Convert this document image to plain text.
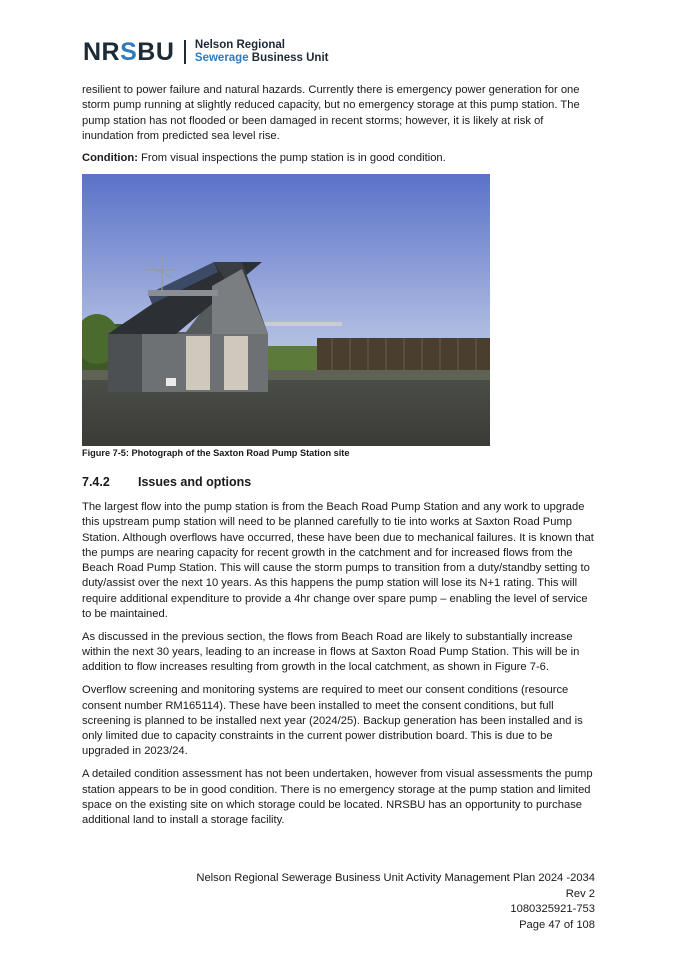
NRSBU Nelson Regional
Sewerage Business Unit

resilient to power failure and natural hazards. Currently there is emergency power generation for one storm pump running at slightly reduced capacity, but no emergency storage at this pump station. The pump station has not flooded or been damaged in recent storms; however, it is likely at risk of inundation from predicted sea level rise.

Condition: From visual inspections the pump station is in good condition.

Figure 7-5: Photograph of the Saxton Road Pump Station site
7.4.2	Issues and options

The largest flow into the pump station is from the Beach Road Pump Station and any work to upgrade this upstream pump station will need to be planned carefully to tie into works at Saxton Road Pump Station. Although overflows have occurred, these have been due to mechanical failures. It is known that the pumps are nearing capacity for recent growth in the catchment and for increased flows from the Beach Road Pump Station. This will cause the storm pumps to transition from a duty/standby setting to duty/assist over the next 10 years. As this happens the pump station will lose its N+1 rating. This will require additional expenditure to provide a 4hr change over spare pump – enabling the level of service to be maintained.

As discussed in the previous section, the flows from Beach Road are likely to substantially increase within the next 30 years, leading to an increase in flows at Saxton Road Pump Station. This will be in addition to flow increases resulting from growth in the local catchment, as shown in Figure 7-6.

Overflow screening and monitoring systems are required to meet our consent conditions (resource consent number RM165114). These have been installed to meet the consent conditions, but full screening is planned to be installed next year (2024/25). Backup generation has been installed and is only limited due to capacity constraints in the current power distribution board. This is due to be upgraded in 2023/24.

A detailed condition assessment has not been undertaken, however from visual assessments the pump station appears to be in good condition. There is no emergency storage at the pump station and limited space on the existing site on which storage could be located. NRSBU has an opportunity to purchase additional land to install a storage facility.

Nelson Regional Sewerage Business Unit Activity Management Plan 2024 -2034
Rev 2
1080325921-753
Page 47 of 108
